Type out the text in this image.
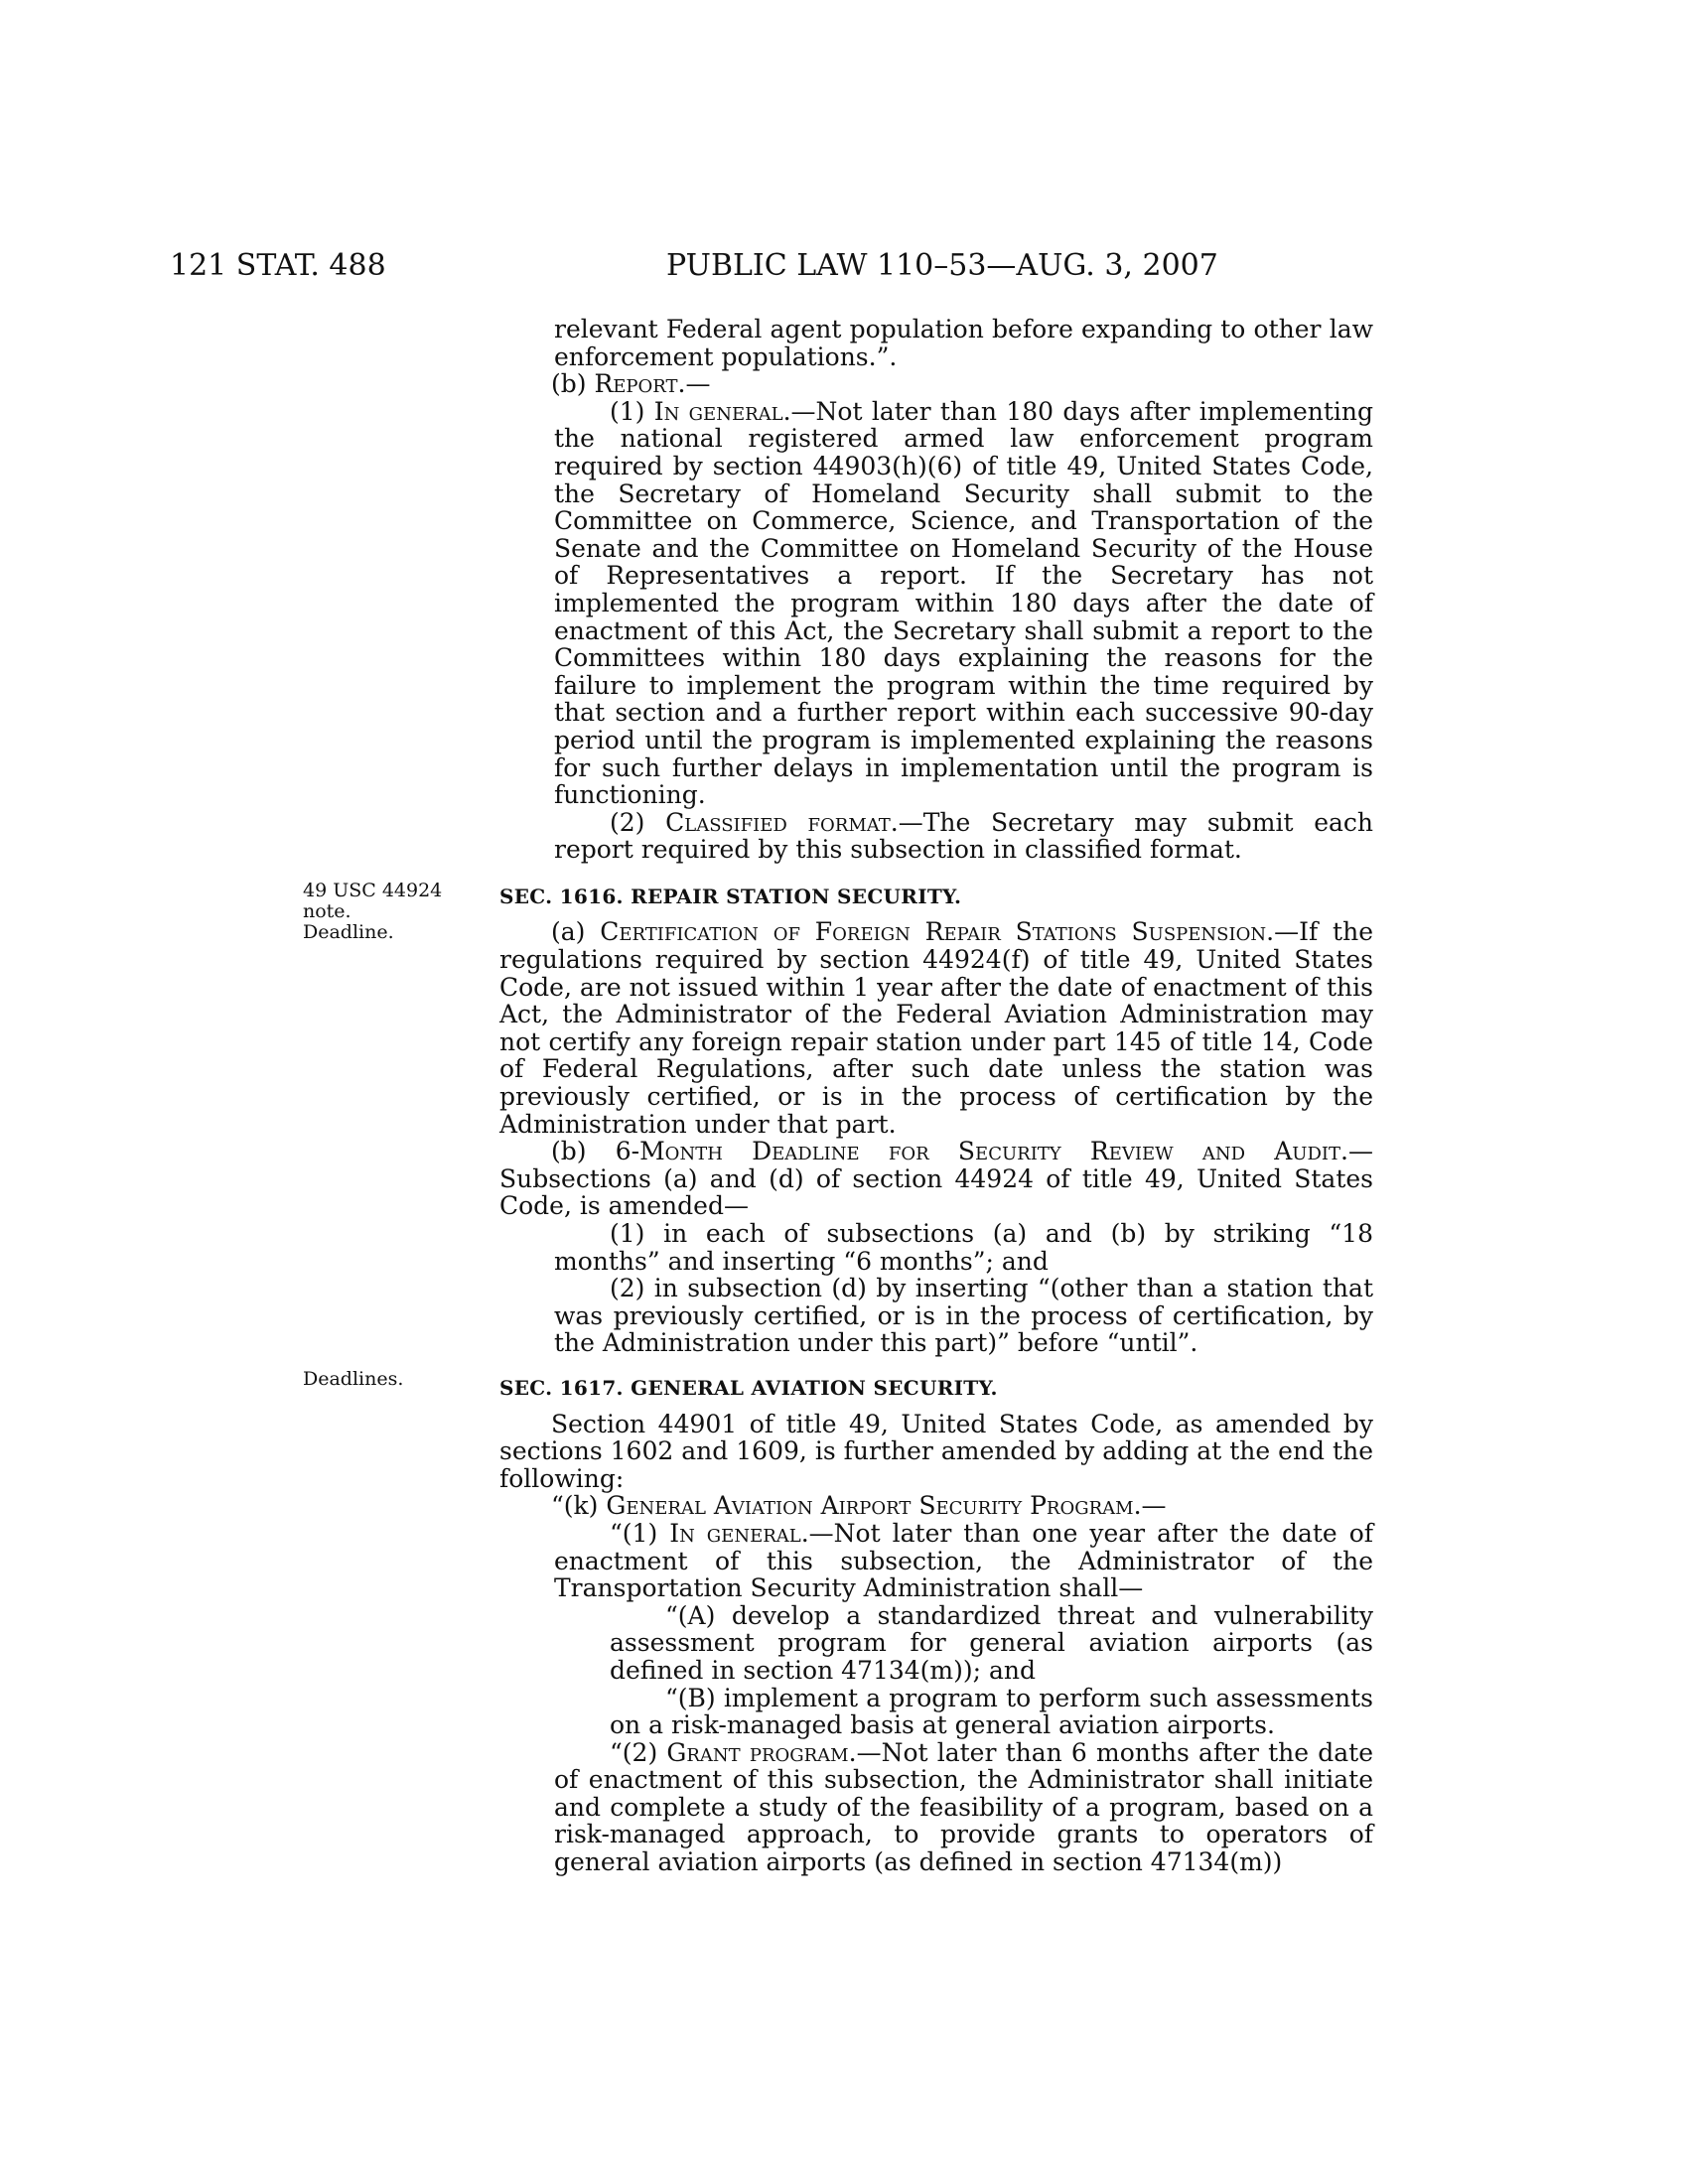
121 STAT. 488	PUBLIC LAW 110–53—AUG. 3, 2007
49 USC 44924
note.
Deadline.
Deadlines.

relevant Federal agent population before expanding to other law enforcement populations.”.

(b) Report.—

(1) In general.—Not later than 180 days after implementing the national registered armed law enforcement program required by section 44903(h)(6) of title 49, United States Code, the Secretary of Homeland Security shall submit to the Committee on Commerce, Science, and Transportation of the Senate and the Committee on Homeland Security of the House of Representatives a report. If the Secretary has not implemented the program within 180 days after the date of enactment of this Act, the Secretary shall submit a report to the Committees within 180 days explaining the reasons for the failure to implement the program within the time required by that section and a further report within each successive 90-day period until the program is implemented explaining the reasons for such further delays in implementation until the program is functioning.

(2) Classified format.—The Secretary may submit each report required by this subsection in classified format.

SEC. 1616. REPAIR STATION SECURITY.

(a) Certification of Foreign Repair Stations Suspension.—If the regulations required by section 44924(f) of title 49, United States Code, are not issued within 1 year after the date of enactment of this Act, the Administrator of the Federal Aviation Administration may not certify any foreign repair station under part 145 of title 14, Code of Federal Regulations, after such date unless the station was previously certified, or is in the process of certification by the Administration under that part.

(b) 6-Month Deadline for Security Review and Audit.—Subsections (a) and (d) of section 44924 of title 49, United States Code, is amended—

(1) in each of subsections (a) and (b) by striking “18 months” and inserting “6 months”; and

(2) in subsection (d) by inserting “(other than a station that was previously certified, or is in the process of certification, by the Administration under this part)” before “until”.

SEC. 1617. GENERAL AVIATION SECURITY.

Section 44901 of title 49, United States Code, as amended by sections 1602 and 1609, is further amended by adding at the end the following:

“(k) General Aviation Airport Security Program.—

“(1) In general.—Not later than one year after the date of enactment of this subsection, the Administrator of the Transportation Security Administration shall—

“(A) develop a standardized threat and vulnerability assessment program for general aviation airports (as defined in section 47134(m)); and

“(B) implement a program to perform such assessments on a risk-managed basis at general aviation airports.

“(2) Grant program.—Not later than 6 months after the date of enactment of this subsection, the Administrator shall initiate and complete a study of the feasibility of a program, based on a risk-managed approach, to provide grants to operators of general aviation airports (as defined in section 47134(m))
